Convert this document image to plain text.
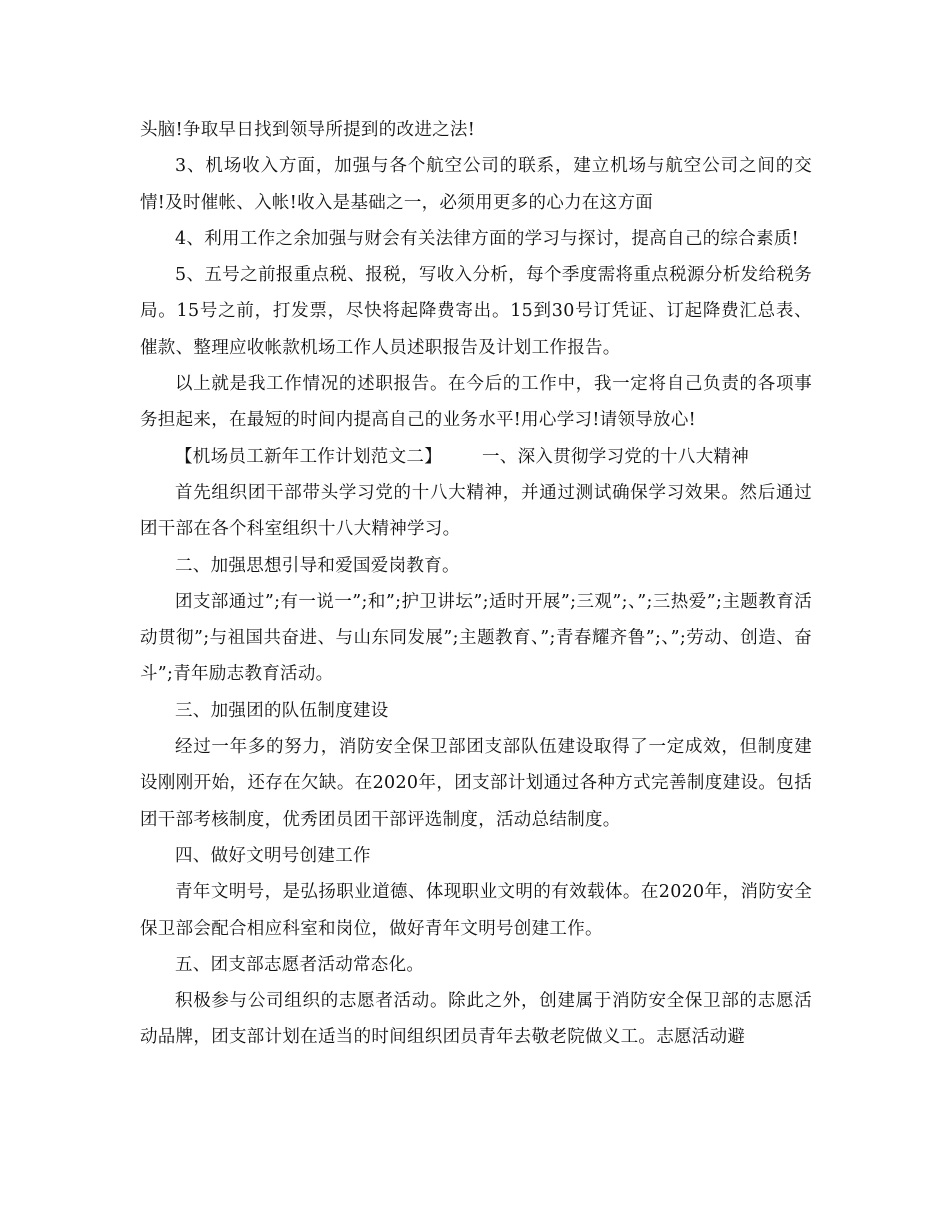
头脑!争取早日找到领导所提到的改进之法!

3、机场收入方面，加强与各个航空公司的联系，建立机场与航空公司之间的交情!及时催帐、入帐!收入是基础之一，必须用更多的心力在这方面

4、利用工作之余加强与财会有关法律方面的学习与探讨，提高自己的综合素质!

5、五号之前报重点税、报税，写收入分析，每个季度需将重点税源分析发给税务局。15号之前，打发票，尽快将起降费寄出。15到30号订凭证、订起降费汇总表、催款、整理应收帐款机场工作人员述职报告及计划工作报告。

以上就是我工作情况的述职报告。在今后的工作中，我一定将自己负责的各项事务担起来，在最短的时间内提高自己的业务水平!用心学习!请领导放心!

【机场员工新年工作计划范文二】 一、深入贯彻学习党的十八大精神

首先组织团干部带头学习党的十八大精神，并通过测试确保学习效果。然后通过团干部在各个科室组织十八大精神学习。

二、加强思想引导和爱国爱岗教育。

团支部通过”;有一说一”;和”;护卫讲坛”;适时开展”;三观”;、”;三热爱”;主题教育活动贯彻”;与祖国共奋进、与山东同发展”;主题教育、”;青春耀齐鲁”;、”;劳动、创造、奋斗”;青年励志教育活动。

三、加强团的队伍制度建设

经过一年多的努力，消防安全保卫部团支部队伍建设取得了一定成效，但制度建设刚刚开始，还存在欠缺。在2020年，团支部计划通过各种方式完善制度建设。包括团干部考核制度，优秀团员团干部评选制度，活动总结制度。

四、做好文明号创建工作

青年文明号，是弘扬职业道德、体现职业文明的有效载体。在2020年，消防安全保卫部会配合相应科室和岗位，做好青年文明号创建工作。

五、团支部志愿者活动常态化。

积极参与公司组织的志愿者活动。除此之外，创建属于消防安全保卫部的志愿活动品牌，团支部计划在适当的时间组织团员青年去敬老院做义工。志愿活动避
